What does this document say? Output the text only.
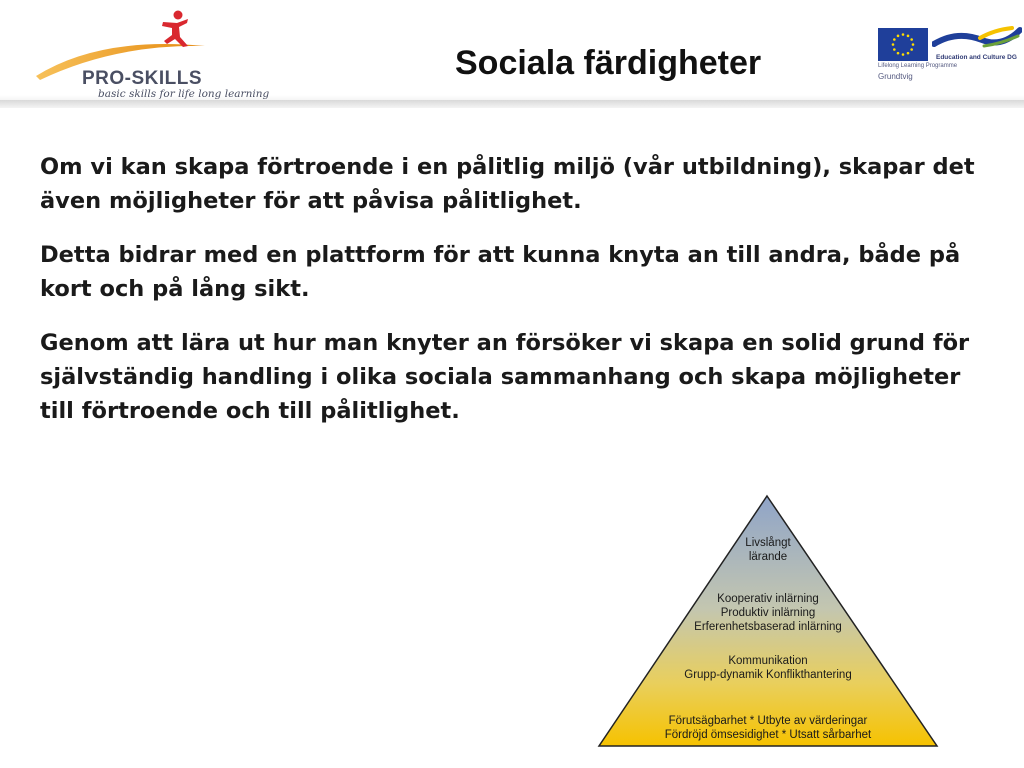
PRO-SKILLS
basic skills for life long learning
Sociala färdigheter	Education and Culture DG
Lifelong Learning Programme
Grundtvig

Om vi kan skapa förtroende i en pålitlig miljö (vår utbildning), skapar det även möjligheter för att påvisa pålitlighet.

Detta bidrar med en plattform för att kunna knyta an till andra, både på kort och på lång sikt.

Genom att lära ut hur man knyter an försöker vi skapa en solid grund för självständig handling i olika sociala sammanhang och skapa möjligheter till förtroende och till pålitlighet.

Livslångt
lärande
Kooperativ inlärning
Produktiv inlärning
Erferenhetsbaserad inlärning
Kommunikation
Grupp-dynamik Konflikthantering
Förutsägbarhet * Utbyte av värderingar
Fördröjd ömsesidighet * Utsatt sårbarhet
